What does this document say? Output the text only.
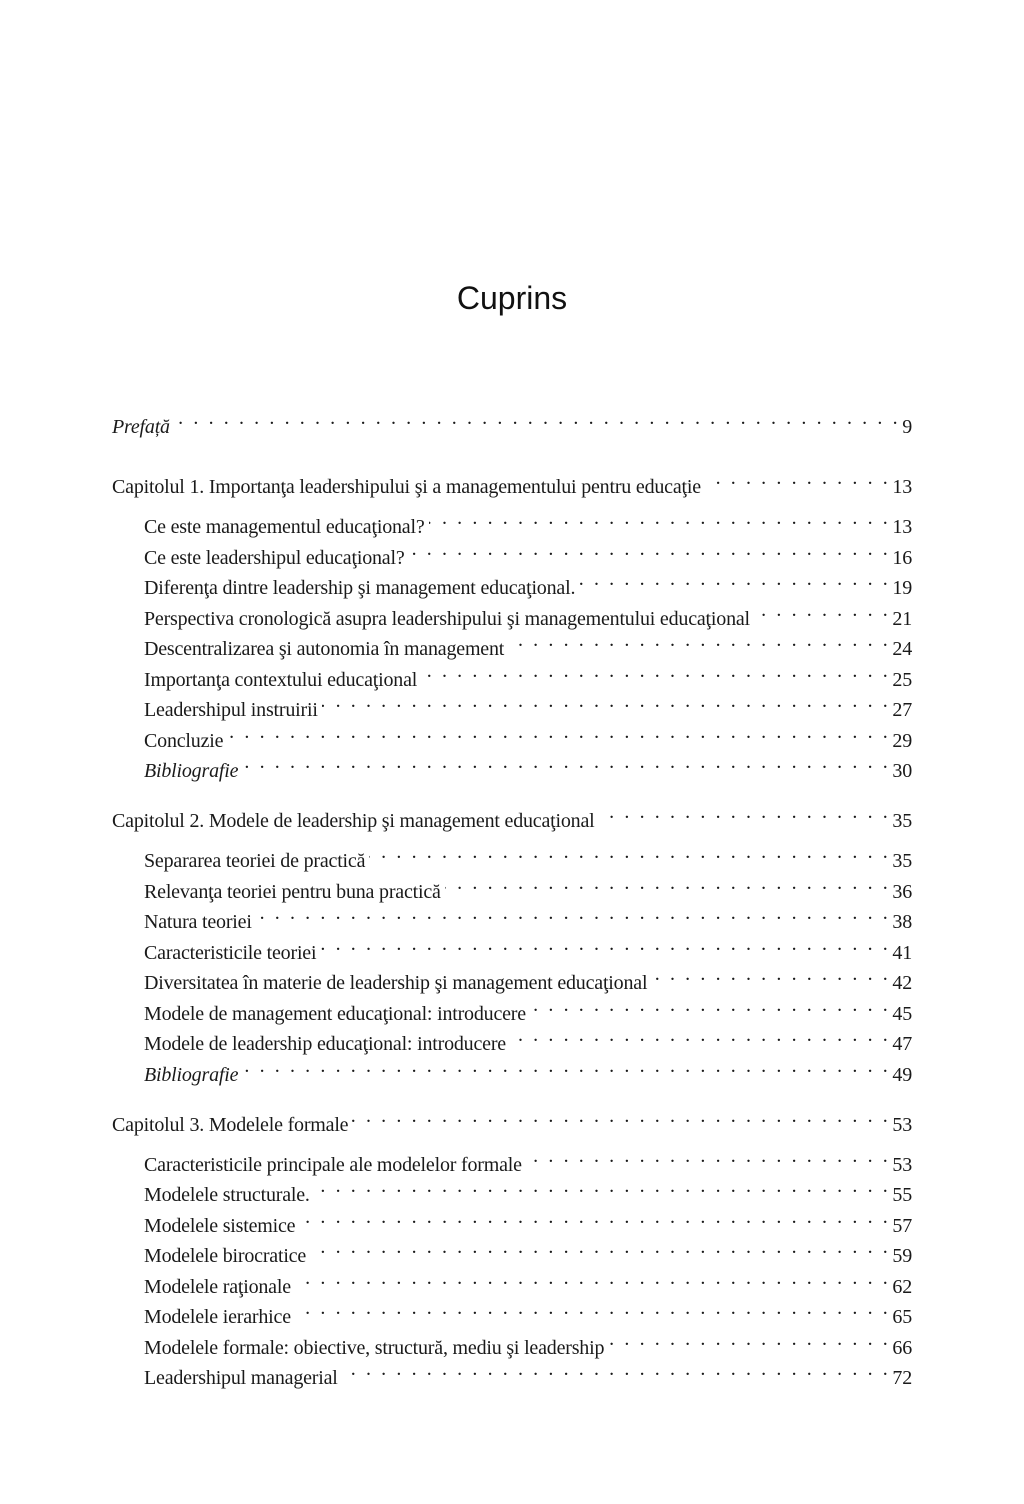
Cuprins
Prefață . . .	9
Capitolul 1. Importanţa leadershipului şi a managementului pentru educaţie . . .	13
Ce este managementul educaţional? . . .	13
Ce este leadershipul educaţional? . . .	16
Diferenţa dintre leadership şi management educaţional. . . .	19
Perspectiva cronologică asupra leadershipului şi managementului educaţional . . .	21
Descentralizarea şi autonomia în management . . .	24
Importanţa contextului educaţional . . .	25
Leadershipul instruirii . . .	27
Concluzie . . .	29
Bibliografie . . .	30
Capitolul 2. Modele de leadership şi management educaţional . . .	35
Separarea teoriei de practică . . .	35
Relevanţa teoriei pentru buna practică . . .	36
Natura teoriei . . .	38
Caracteristicile teoriei . . .	41
Diversitatea în materie de leadership şi management educaţional . . .	42
Modele de management educaţional: introducere . . .	45
Modele de leadership educaţional: introducere . . .	47
Bibliografie . . .	49
Capitolul 3. Modelele formale . . .	53
Caracteristicile principale ale modelelor formale . . .	53
Modelele structurale. . . .	55
Modelele sistemice . . .	57
Modelele birocratice . . .	59
Modelele raţionale . . .	62
Modelele ierarhice . . .	65
Modelele formale: obiective, structură, mediu şi leadership . . .	66
Leadershipul managerial . . .	72
